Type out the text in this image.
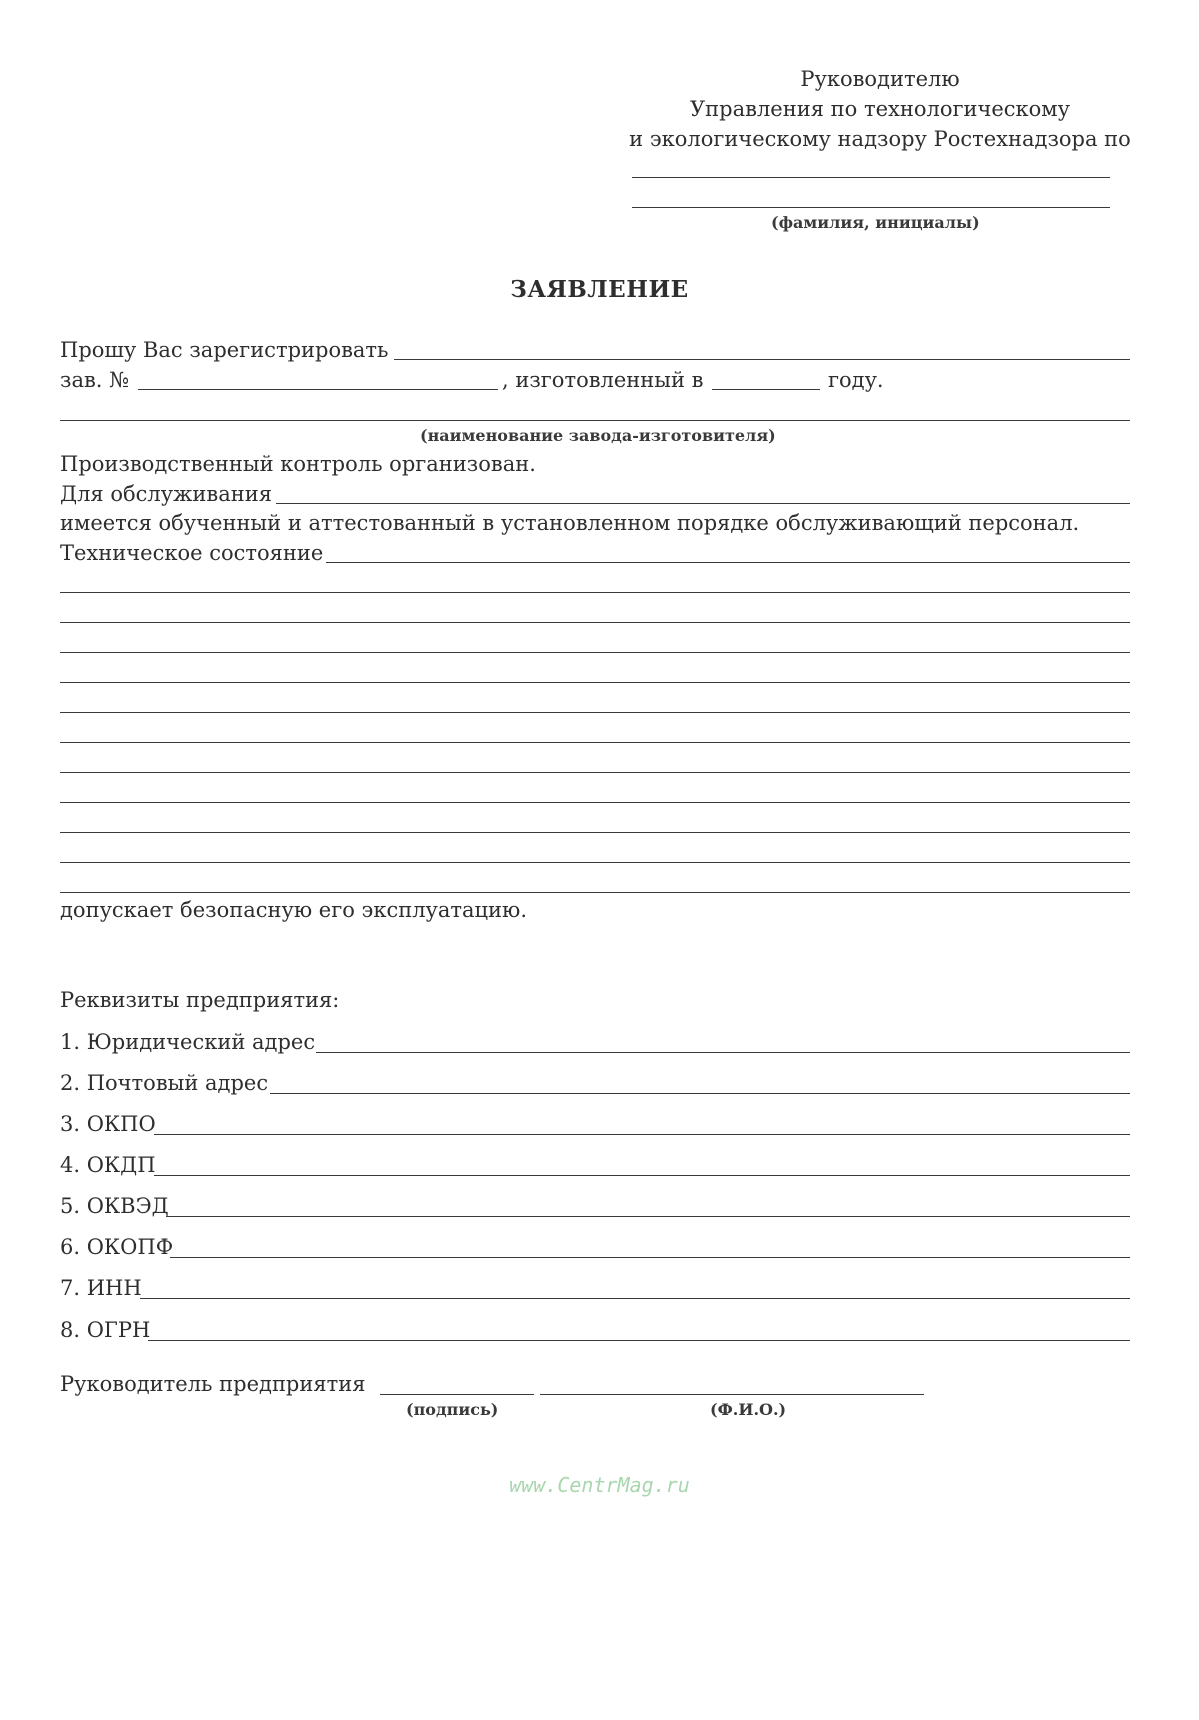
Руководителю
Управления по технологическому
и экологическому надзору Ростехнадзора по
(фамилия, инициалы)
ЗАЯВЛЕНИЕ
Прошу Вас зарегистрировать
зав. №	, изготовленный в	году.
(наименование завода-изготовителя)
Производственный контроль организован.
Для обслуживания
имеется обученный и аттестованный в установленном порядке обслуживающий персонал.
Техническое состояние
допускает безопасную его эксплуатацию.
Реквизиты предприятия:
1. Юридический адрес
2. Почтовый адрес
3. ОКПО
4. ОКДП
5. ОКВЭД
6. ОКОПФ
7. ИНН
8. ОГРН
Руководитель предприятия
(подпись)	(Ф.И.О.)
www.CentrMag.ru
